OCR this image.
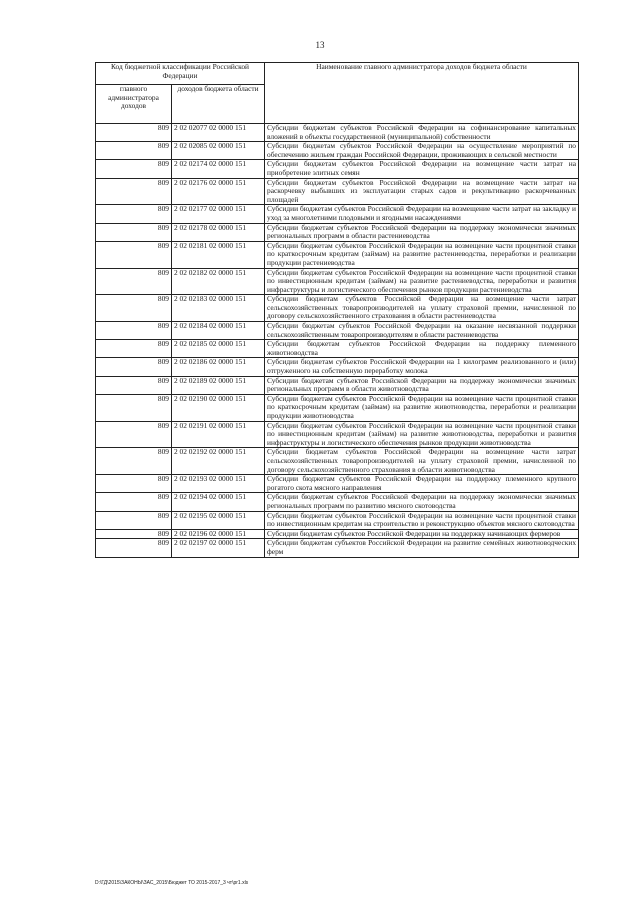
13
Код бюджетной классификации Российской Федерации		Наименование главного администратора доходов бюджета области
главного администратора доходов	доходов бюджета области	
809	2 02 02077 02 0000 151	Субсидии бюджетам субъектов Российской Федерации на софинансирование капитальных вложений в объекты государственной (муниципальной) собственности
809	2 02 02085 02 0000 151	Субсидии бюджетам субъектов Российской Федерации на осуществление мероприятий по обеспечению жильем граждан Российской Федерации, проживающих в сельской местности
809	2 02 02174 02 0000 151	Субсидии бюджетам субъектов Российской Федерации на возмещение части затрат на приобретение элитных семян
809	2 02 02176 02 0000 151	Субсидии бюджетам субъектов Российской Федерации на возмещение части затрат на раскорчевку выбывших из эксплуатации старых садов и рекультивацию раскорчеванных площадей
809	2 02 02177 02 0000 151	Субсидии бюджетам субъектов Российской Федерации на возмещение части затрат на закладку и уход за многолетними плодовыми и ягодными насаждениями
809	2 02 02178 02 0000 151	Субсидии бюджетам субъектов Российской Федерации на поддержку экономически значимых региональных программ в области растениеводства
809	2 02 02181 02 0000 151	Субсидии бюджетам субъектов Российской Федерации на возмещение части процентной ставки по краткосрочным кредитам (займам) на развитие растениеводства, переработки и реализации продукции растениеводства
809	2 02 02182 02 0000 151	Субсидии бюджетам субъектов Российской Федерации на возмещение части процентной ставки по инвестиционным кредитам (займам) на развитие растениеводства, переработки и развития инфраструктуры и логистического обеспечения рынков продукции растениеводства
809	2 02 02183 02 0000 151	Субсидии бюджетам субъектов Российской Федерации на возмещение части затрат сельскохозяйственных товаропроизводителей на уплату страховой премии, начисленной по договору сельскохозяйственного страхования в области растениеводства
809	2 02 02184 02 0000 151	Субсидии бюджетам субъектов Российской Федерации на оказание несвязанной поддержки сельскохозяйственным товаропроизводителям в области растениеводства
809	2 02 02185 02 0000 151	Субсидии бюджетам субъектов Российской Федерации на поддержку племенного животноводства
809	2 02 02186 02 0000 151	Субсидии бюджетам субъектов Российской Федерации на 1 килограмм реализованного и (или) отгруженного на собственную переработку молока
809	2 02 02189 02 0000 151	Субсидии бюджетам субъектов Российской Федерации на поддержку экономически значимых региональных программ в области животноводства
809	2 02 02190 02 0000 151	Субсидии бюджетам субъектов Российской Федерации на возмещение части процентной ставки по краткосрочным кредитам (займам) на развитие животноводства, переработки и реализации продукции животноводства
809	2 02 02191 02 0000 151	Субсидии бюджетам субъектов Российской Федерации на возмещение части процентной ставки по инвестиционным кредитам (займам) на развитие животноводства, переработки и развития инфраструктуры и логистического обеспечения рынков продукции животноводства
809	2 02 02192 02 0000 151	Субсидии бюджетам субъектов Российской Федерации на возмещение части затрат сельскохозяйственных товаропроизводителей на уплату страховой премии, начисленной по договору сельскохозяйственного страхования в области животноводства
809	2 02 02193 02 0000 151	Субсидии бюджетам субъектов Российской Федерации на поддержку племенного крупного рогатого скота мясного направления
809	2 02 02194 02 0000 151	Субсидии бюджетам субъектов Российской Федерации на поддержку экономически значимых региональных программ по развитию мясного скотоводства
809	2 02 02195 02 0000 151	Субсидии бюджетам субъектов Российской Федерации на возмещение части процентной ставки по инвестиционным кредитам на строительство и реконструкцию объектов мясного скотоводства
809	2 02 02196 02 0000 151	Субсидии бюджетам субъектов Российской Федерации на поддержку начинающих фермеров
809	2 02 02197 02 0000 151	Субсидии бюджетам субъектов Российской Федерации на развитие семейных животноводческих ферм
D:\ГД\2015\ЗАКОНЫ\ЗАС_2015\Бюджет ТО 2015-2017_3 чт\pr1.xls
